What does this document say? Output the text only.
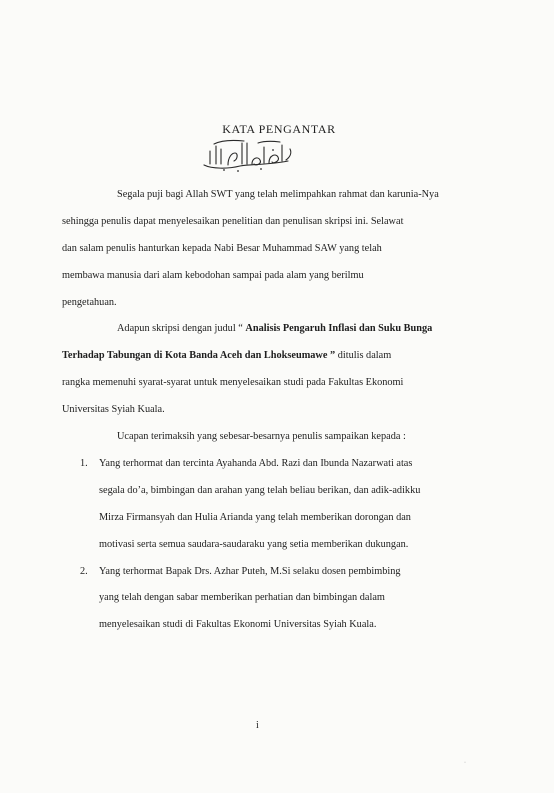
KATA PENGANTAR
Segala puji bagi Allah SWT yang telah melimpahkan rahmat dan karunia-Nya
sehingga penulis dapat menyelesaikan penelitian dan penulisan skripsi ini. Selawat
dan salam penulis hanturkan kepada Nabi Besar Muhammad SAW yang telah
membawa manusia dari alam kebodohan sampai pada alam yang berilmu
pengetahuan.
Adapun skripsi dengan judul “ Analisis Pengaruh Inflasi dan Suku Bunga
Terhadap Tabungan di Kota Banda Aceh dan Lhokseumawe ” ditulis dalam
rangka memenuhi syarat-syarat untuk menyelesaikan studi pada Fakultas Ekonomi
Universitas Syiah Kuala.
Ucapan terimaksih yang sebesar-besarnya penulis sampaikan kepada :
1. Yang terhormat dan tercinta Ayahanda Abd. Razi dan Ibunda Nazarwati atas
segala do’a, bimbingan dan arahan yang telah beliau berikan, dan adik-adikku
Mirza Firmansyah dan Hulia Arianda yang telah memberikan dorongan dan
motivasi serta semua saudara-saudaraku yang setia memberikan dukungan.
2. Yang terhormat Bapak Drs. Azhar Puteh, M.Si selaku dosen pembimbing
yang telah dengan sabar memberikan perhatian dan bimbingan dalam
menyelesaikan studi di Fakultas Ekonomi Universitas Syiah Kuala.
i
·
